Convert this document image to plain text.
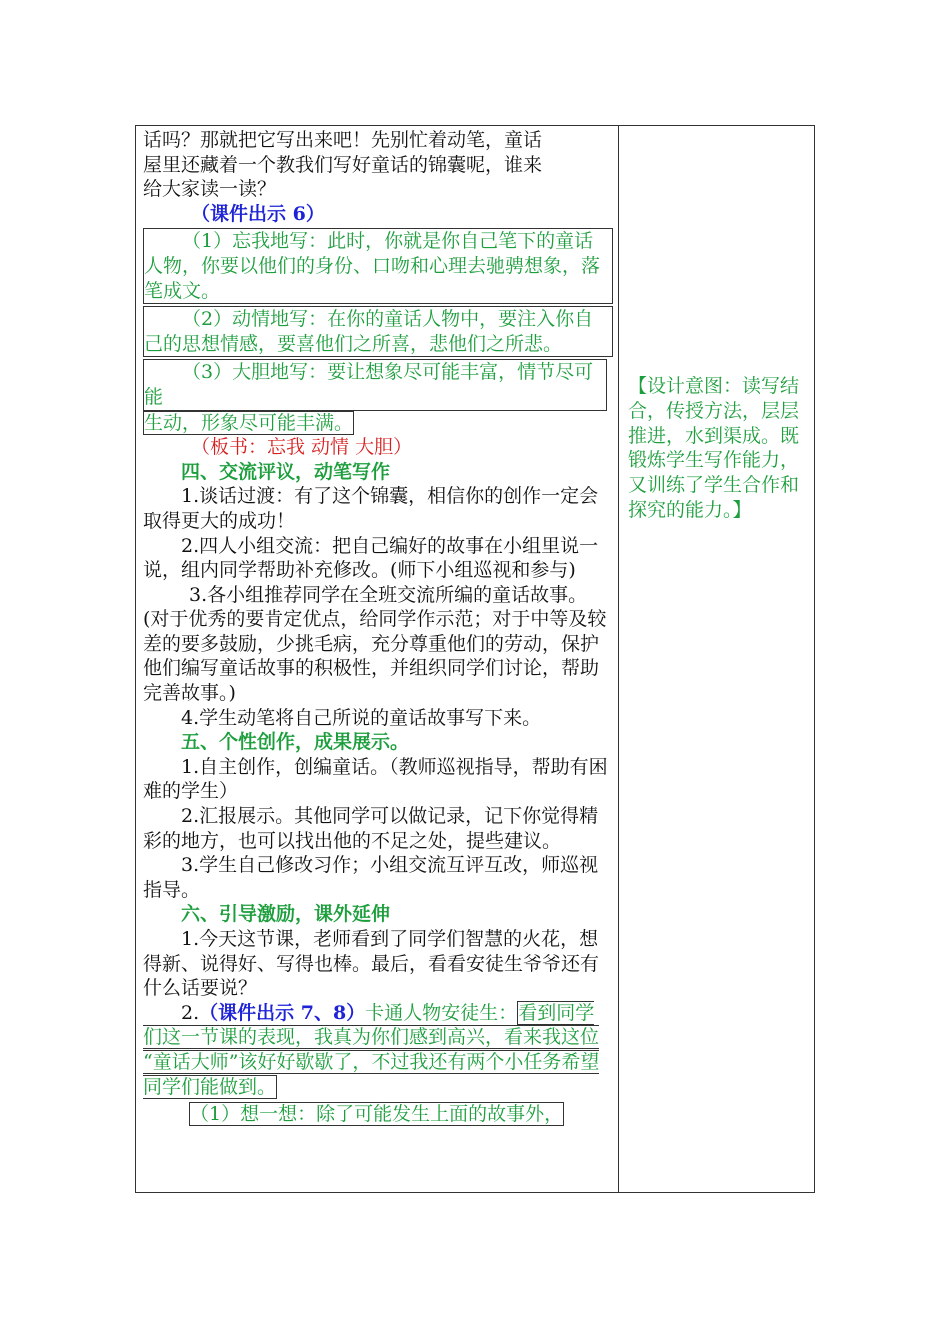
话吗？那就把它写出来吧！先别忙着动笔，童话

屋里还藏着一个教我们写好童话的锦囊呢，谁来

给大家读一读？

（课件出示 6）

（1）忘我地写：此时，你就是你自己笔下的童话人物，你要以他们的身份、口吻和心理去驰骋想象，落笔成文。

（2）动情地写：在你的童话人物中，要注入你自己的思想情感，要喜他们之所喜，悲他们之所悲。

（3）大胆地写：要让想象尽可能丰富，情节尽可能

生动，形象尽可能丰满。

（板书：忘我 动情 大胆）

四、交流评议，动笔写作

1.谈话过渡：有了这个锦囊，相信你的创作一定会取得更大的成功！

2.四人小组交流：把自己编好的故事在小组里说一说，组内同学帮助补充修改。(师下小组巡视和参与)

3.各小组推荐同学在全班交流所编的童话故事。(对于优秀的要肯定优点，给同学作示范；对于中等及较差的要多鼓励，少挑毛病，充分尊重他们的劳动，保护他们编写童话故事的积极性，并组织同学们讨论，帮助完善故事。)

4.学生动笔将自己所说的童话故事写下来。

五、个性创作，成果展示。

1.自主创作，创编童话。（教师巡视指导，帮助有困难的学生）

2.汇报展示。其他同学可以做记录，记下你觉得精彩的地方，也可以找出他的不足之处，提些建议。

3.学生自己修改习作；小组交流互评互改，师巡视指导。

六、引导激励，课外延伸

1.今天这节课，老师看到了同学们智慧的火花，想得新、说得好、写得也棒。最后，看看安徒生爷爷还有什么话要说？

2.（课件出示 7、8）卡通人物安徒生：看到同学们这一节课的表现，我真为你们感到高兴，看来我这位 “童话大师”该好好歇歇了，不过我还有两个小任务希望同学们能做到。

（1）想一想：除了可能发生上面的故事外，

【设计意图：读写结合，传授方法，层层推进，水到渠成。既锻炼学生写作能力，又训练了学生合作和探究的能力。】
